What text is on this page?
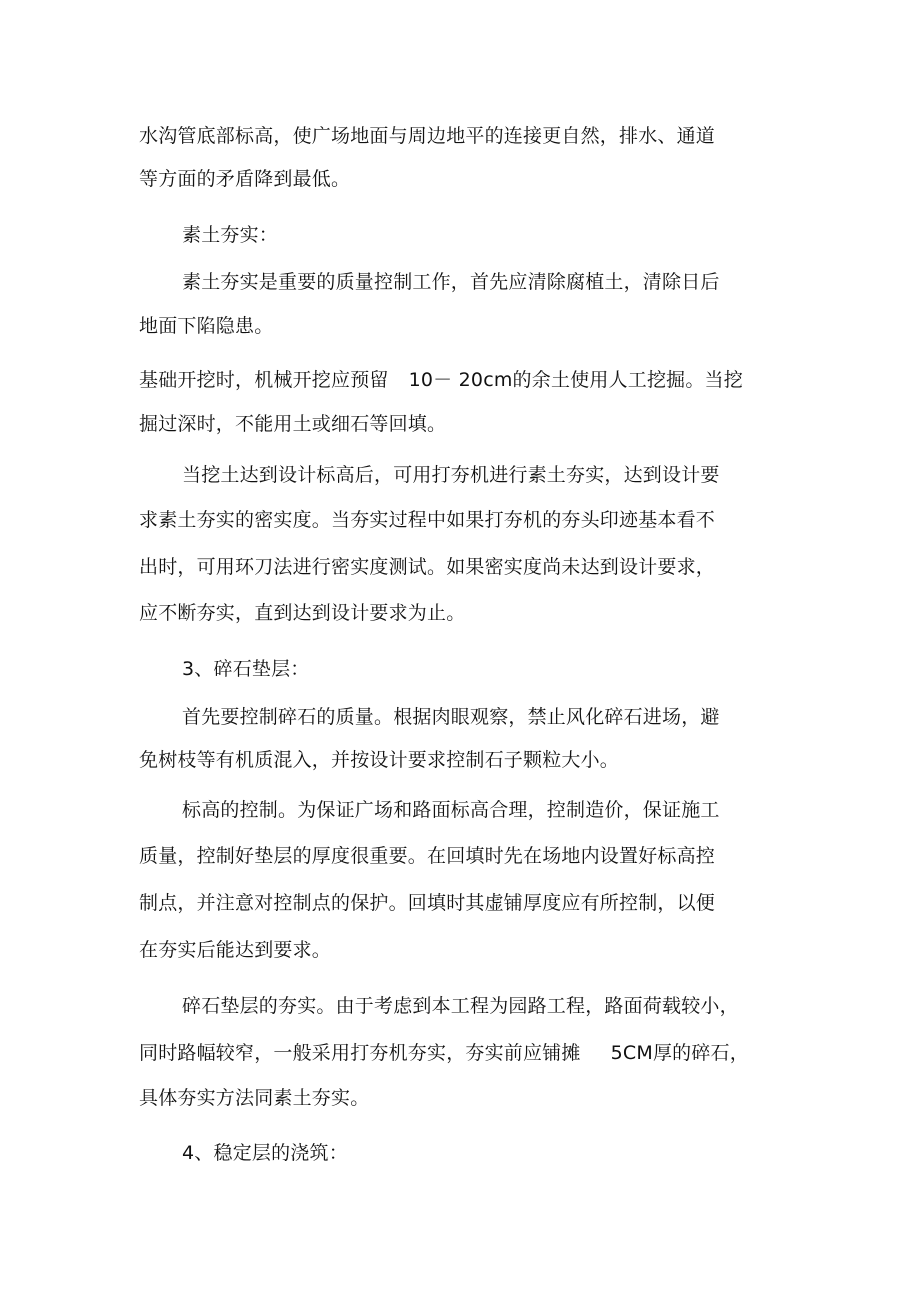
水沟管底部标高，使广场地面与周边地平的连接更自然，排水、通道
等方面的矛盾降到最低。
素土夯实：
素土夯实是重要的质量控制工作，首先应清除腐植土，清除日后
地面下陷隐患。
基础开挖时，机械开挖应预留 10－ 20cm的余土使用人工挖掘。当挖
掘过深时，不能用土或细石等回填。
当挖土达到设计标高后，可用打夯机进行素土夯实，达到设计要
求素土夯实的密实度。当夯实过程中如果打夯机的夯头印迹基本看不
出时，可用环刀法进行密实度测试。如果密实度尚未达到设计要求，
应不断夯实，直到达到设计要求为止。
3、碎石垫层：
首先要控制碎石的质量。根据肉眼观察，禁止风化碎石进场，避
免树枝等有机质混入，并按设计要求控制石子颗粒大小。
标高的控制。为保证广场和路面标高合理，控制造价，保证施工
质量，控制好垫层的厚度很重要。在回填时先在场地内设置好标高控
制点，并注意对控制点的保护。回填时其虚铺厚度应有所控制，以便
在夯实后能达到要求。
碎石垫层的夯实。由于考虑到本工程为园路工程，路面荷载较小，
同时路幅较窄，一般采用打夯机夯实，夯实前应铺摊 5CM厚的碎石，
具体夯实方法同素土夯实。
4、稳定层的浇筑：
